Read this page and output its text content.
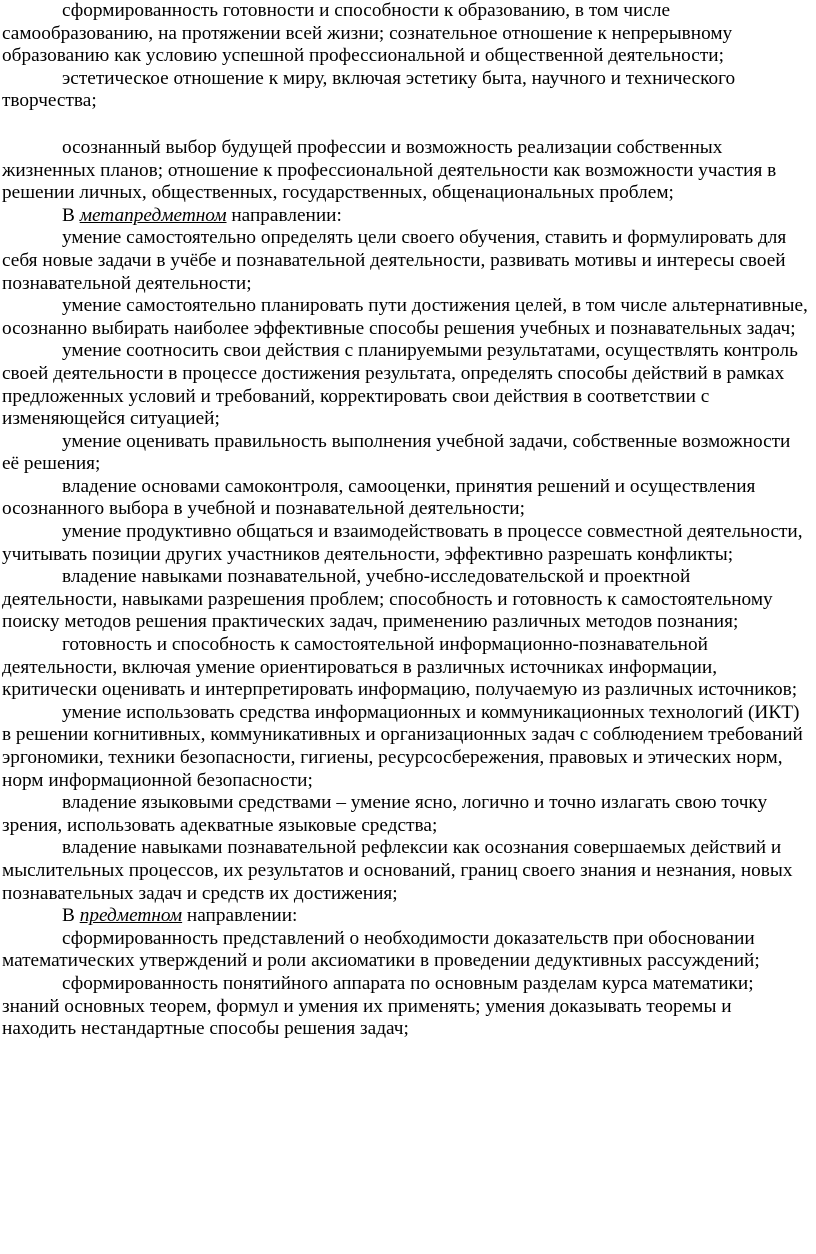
сформированность готовности и способности к образованию, в том числе самообразованию, на протяжении всей жизни; сознательное отношение к непрерывному образованию как условию успешной профессиональной и общественной деятельности;

эстетическое отношение к миру, включая эстетику быта, научного и технического творчества;

осознанный выбор будущей профессии и возможность реализации собственных жизненных планов; отношение к профессиональной деятельности как возможности участия в решении личных, общественных, государственных, общенациональных проблем;

В метапредметном направлении:

умение самостоятельно определять цели своего обучения, ставить и формулировать для себя новые задачи в учёбе и познавательной деятельности, развивать мотивы и интересы своей познавательной деятельности;

умение самостоятельно планировать пути достижения целей, в том числе альтернативные, осознанно выбирать наиболее эффективные способы решения учебных и познавательных задач;

умение соотносить свои действия с планируемыми результатами, осуществлять контроль своей деятельности в процессе достижения результата, определять способы действий в рамках предложенных условий и требований, корректировать свои действия в соответствии с изменяющейся ситуацией;

умение оценивать правильность выполнения учебной задачи, собственные возможности её решения;

владение основами самоконтроля, самооценки, принятия решений и осуществления осознанного выбора в учебной и познавательной деятельности;

умение продуктивно общаться и взаимодействовать в процессе совместной деятельности, учитывать позиции других участников деятельности, эффективно разрешать конфликты;

владение навыками познавательной, учебно-исследовательской и проектной деятельности, навыками разрешения проблем; способность и готовность к самостоятельному поиску методов решения практических задач, применению различных методов познания;

готовность и способность к самостоятельной информационно-познавательной деятельности, включая умение ориентироваться в различных источниках информации, критически оценивать и интерпретировать информацию, получаемую из различных источников;

умение использовать средства информационных и коммуникационных технологий (ИКТ) в решении когнитивных, коммуникативных и организационных задач с соблюдением требований эргономики, техники безопасности, гигиены, ресурсосбережения, правовых и этических норм, норм информационной безопасности;

владение языковыми средствами – умение ясно, логично и точно излагать свою точку зрения, использовать адекватные языковые средства;

владение навыками познавательной рефлексии как осознания совершаемых действий и мыслительных процессов, их результатов и оснований, границ своего знания и незнания, новых познавательных задач и средств их достижения;

В предметном направлении:

сформированность представлений о необходимости доказательств при обосновании математических утверждений и роли аксиоматики в проведении дедуктивных рассуждений;

сформированность понятийного аппарата по основным разделам курса математики; знаний основных теорем, формул и умения их применять; умения доказывать теоремы и находить нестандартные способы решения задач;
